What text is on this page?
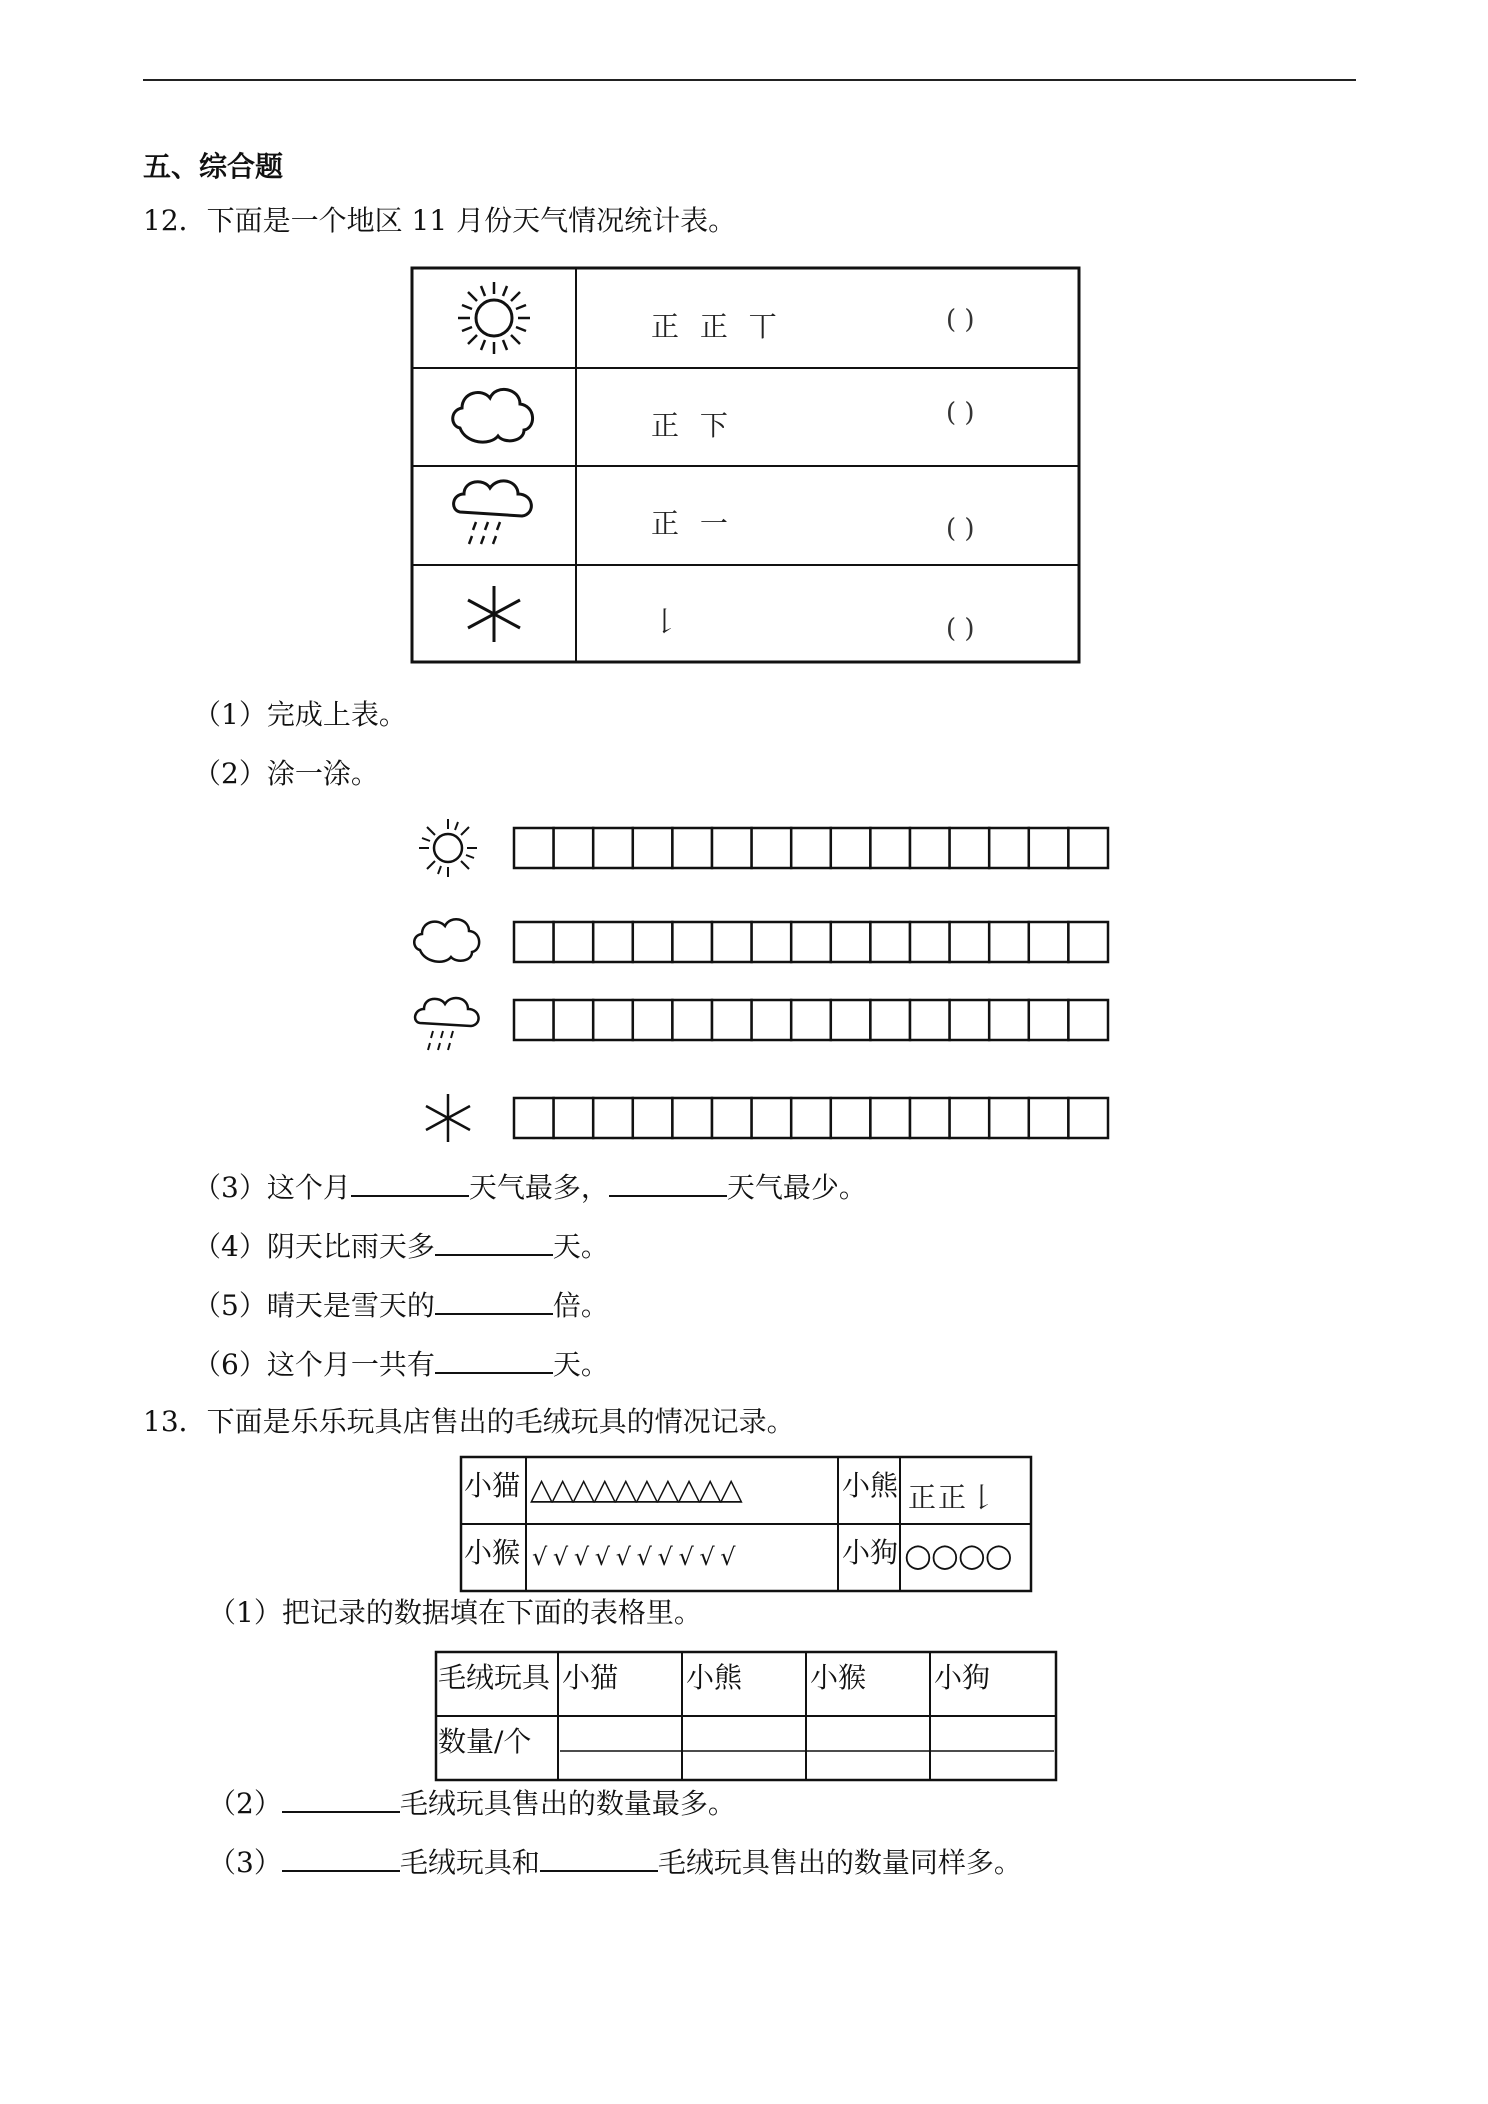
五、综合题
12．下面是一个地区 11 月份天气情况统计表。
正 正 丅	( )
正 下	( )
正 一	( )
𠄌	( )
（1）完成上表。
（2）涂一涂。
（3）这个月	天气最多，	天气最少。
（4）阴天比雨天多	天。
（5）晴天是雪天的	倍。
（6）这个月一共有	天。
13．下面是乐乐玩具店售出的毛绒玩具的情况记录。
小猫 △△△△△△△△△△	小熊 正正𠄌
小猴 √ √ √ √ √ √ √ √ √ √	小狗 ○○○○
（1）把记录的数据填在下面的表格里。
毛绒玩具 小猫 小熊 小猴 小狗
数量/个
（2）	毛绒玩具售出的数量最多。
（3）	毛绒玩具和	毛绒玩具售出的数量同样多。
